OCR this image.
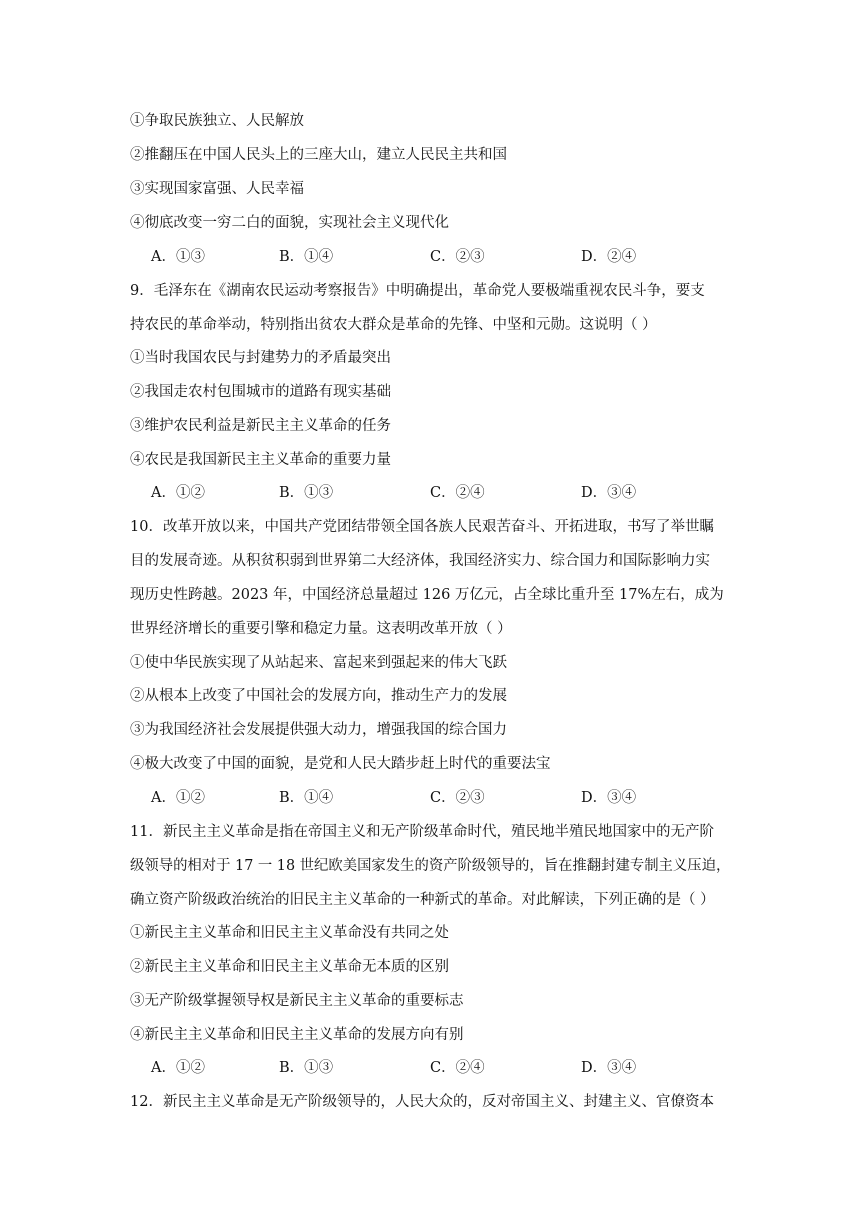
①争取民族独立、人民解放
②推翻压在中国人民头上的三座大山，建立人民民主共和国
③实现国家富强、人民幸福
④彻底改变一穷二白的面貌，实现社会主义现代化
A．①③	B．①④	C．②③	D．②④
9．毛泽东在《湖南农民运动考察报告》中明确提出，革命党人要极端重视农民斗争，要支
持农民的革命举动，特别指出贫农大群众是革命的先锋、中坚和元勋。这说明（ ）
①当时我国农民与封建势力的矛盾最突出
②我国走农村包围城市的道路有现实基础
③维护农民利益是新民主主义革命的任务
④农民是我国新民主主义革命的重要力量
A．①②	B．①③	C．②④	D．③④
10．改革开放以来，中国共产党团结带领全国各族人民艰苦奋斗、开拓进取，书写了举世瞩
目的发展奇迹。从积贫积弱到世界第二大经济体，我国经济实力、综合国力和国际影响力实
现历史性跨越。2023 年，中国经济总量超过 126 万亿元，占全球比重升至 17%左右，成为
世界经济增长的重要引擎和稳定力量。这表明改革开放（ ）
①使中华民族实现了从站起来、富起来到强起来的伟大飞跃
②从根本上改变了中国社会的发展方向，推动生产力的发展
③为我国经济社会发展提供强大动力，增强我国的综合国力
④极大改变了中国的面貌，是党和人民大踏步赶上时代的重要法宝
A．①②	B．①④	C．②③	D．③④
11．新民主主义革命是指在帝国主义和无产阶级革命时代，殖民地半殖民地国家中的无产阶
级领导的相对于 17 一 18 世纪欧美国家发生的资产阶级领导的，旨在推翻封建专制主义压迫，
确立资产阶级政治统治的旧民主主义革命的一种新式的革命。对此解读，下列正确的是（ ）
①新民主主义革命和旧民主主义革命没有共同之处
②新民主主义革命和旧民主主义革命无本质的区别
③无产阶级掌握领导权是新民主主义革命的重要标志
④新民主主义革命和旧民主主义革命的发展方向有别
A．①②	B．①③	C．②④	D．③④
12．新民主主义革命是无产阶级领导的，人民大众的，反对帝国主义、封建主义、官僚资本
